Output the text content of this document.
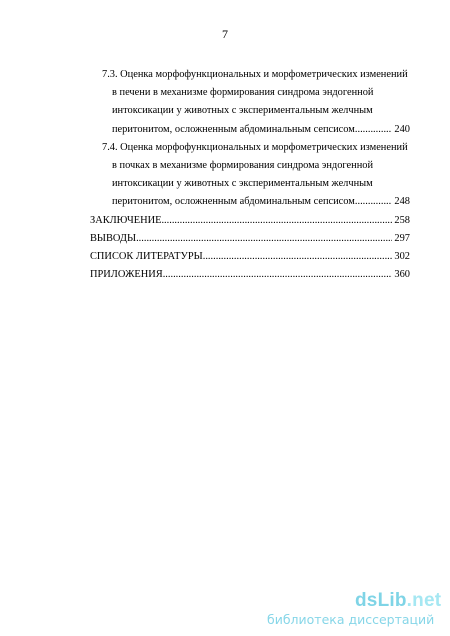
7
7.3. Оценка морфофункциональных и морфометрических изменений
в печени в механизме формирования синдрома эндогенной
интоксикации у животных с экспериментальным желчным
перитонитом, осложненным абдоминальным сепсисом .....	240
7.4. Оценка морфофункциональных и морфометрических изменений
в почках в механизме формирования синдрома эндогенной
интоксикации у животных с экспериментальным желчным
перитонитом, осложненным абдоминальным сепсисом .....	248
ЗАКЛЮЧЕНИЕ .....	258
ВЫВОДЫ .....	297
СПИСОК ЛИТЕРАТУРЫ .....	302
ПРИЛОЖЕНИЯ .....	360
dsLib.net
библиотека диссертаций
